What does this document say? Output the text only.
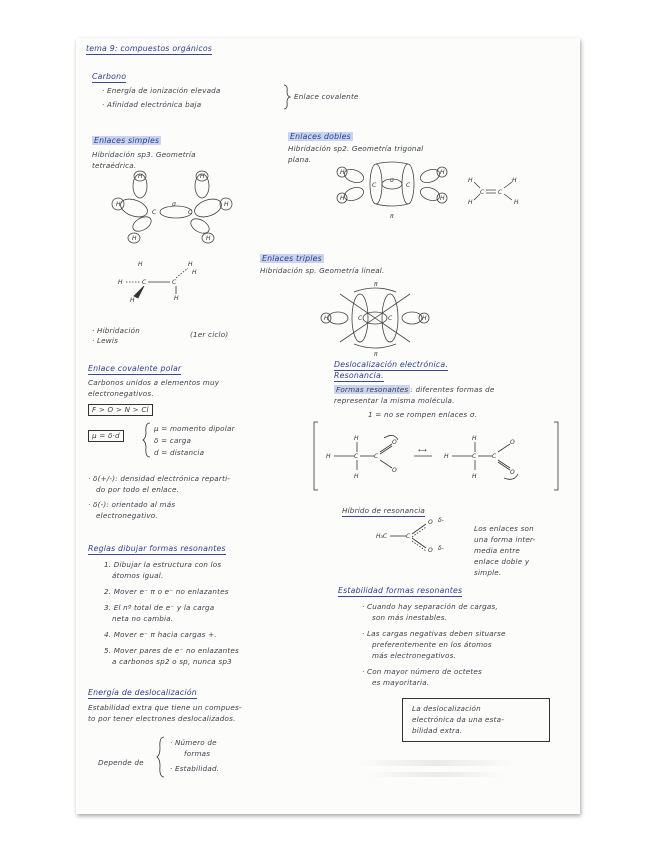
tema 9: compuestos orgánicos
Carbono
· Energía de ionización elevada
· Afinidad electrónica baja
Enlace covalente
Enlaces simples
Hibridación sp3. Geometría
tetraédrica.
H	H
H	H
H	H
C	C
σ
H	C	C
H
H
H	H
H
Enlaces dobles
Hibridación sp2. Geometría trigonal
plana.
H	H
H	H
C	C
σ
π
H
H
C C
H
H
Enlaces triples
Hibridación sp. Geometría lineal.
H	H
C	C
π
π
· Hibridación
· Lewis
(1er ciclo)
Enlace covalente polar
Carbonos unidos a elementos muy
electronegativos.
F > O > N > Cl
μ = δ·d
μ = momento dipolar
δ = carga
d = distancia
· δ(+/-): densidad electrónica reparti-
do por todo el enlace.
· δ(-): orientado al más
electronegativo.
Deslocalización electrónica.
Resonancia.
Formas resonantes : diferentes formas de
representar la misma molécula.
1 = no se rompen enlaces σ.
H	C	C
H
H
O
O
⟷
H	C	C
H
H
O
O
Híbrido de resonancia
H₃C	C
O
O
δ-
δ-
Los enlaces son
una forma inter-
media entre
enlace doble y
simple.
Reglas dibujar formas resonantes
1. Dibujar la estructura con los
átomos igual.
2. Mover e⁻ π o e⁻ no enlazantes
3. El nº total de e⁻ y la carga
neta no cambia.
4. Mover e⁻ π hacia cargas +.
5. Mover pares de e⁻ no enlazantes
a carbonos sp2 o sp, nunca sp3
Estabilidad formas resonantes
· Cuando hay separación de cargas,
son más inestables.
· Las cargas negativas deben situarse
preferentemente en los átomos
más electronegativos.
· Con mayor número de octetes
es mayoritaria.
Energía de deslocalización
Estabilidad extra que tiene un compues-
to por tener electrones deslocalizados.
Depende de
· Número de
formas
· Estabilidad.
La deslocalización
electrónica da una esta-
bilidad extra.
